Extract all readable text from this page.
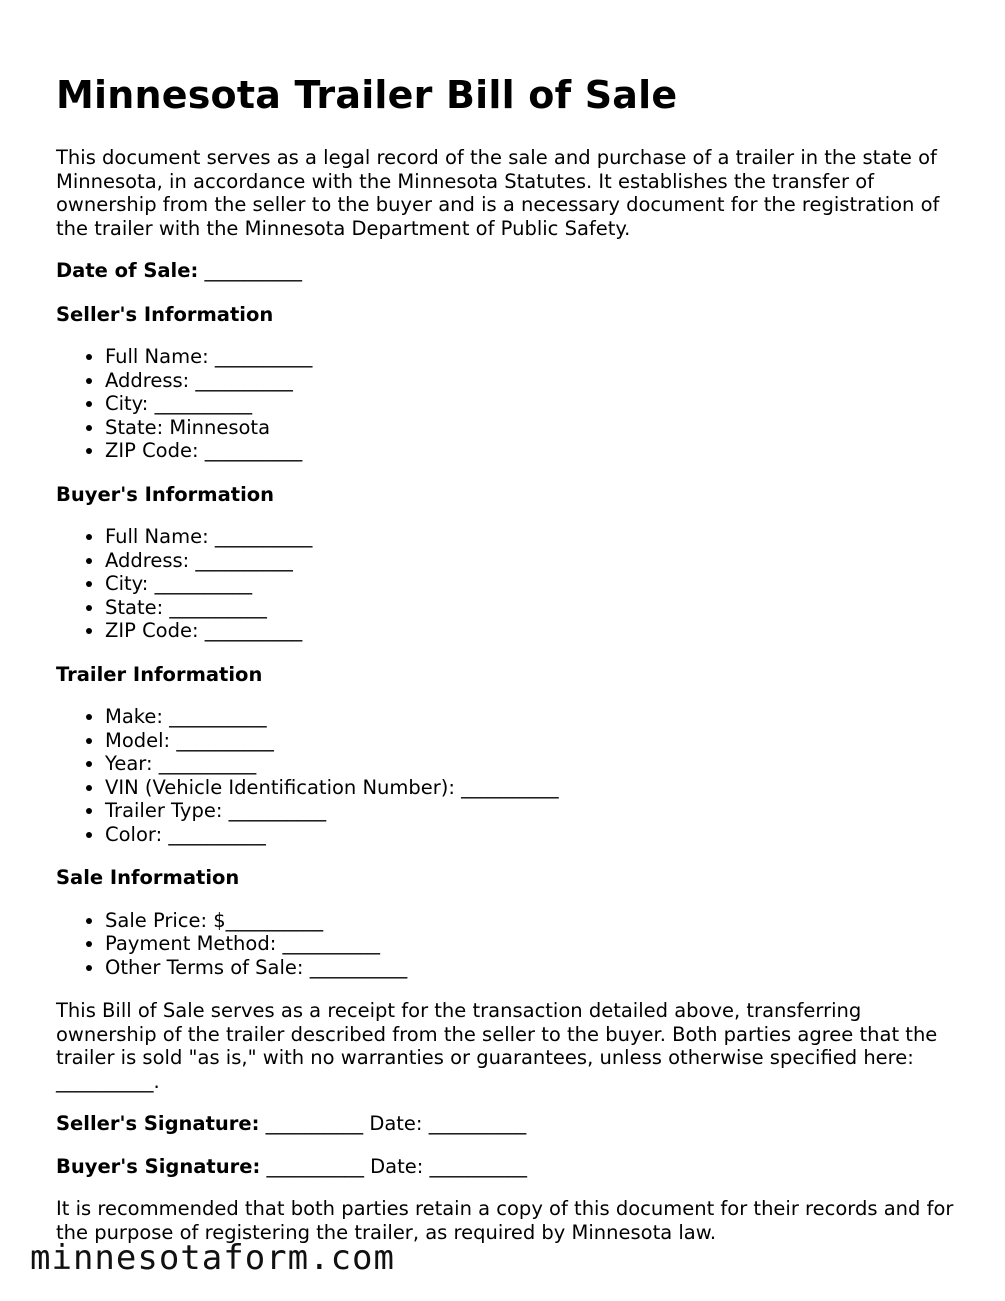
Minnesota Trailer Bill of Sale

This document serves as a legal record of the sale and purchase of a trailer in the state of Minnesota, in accordance with the Minnesota Statutes. It establishes the transfer of ownership from the seller to the buyer and is a necessary document for the registration of the trailer with the Minnesota Department of Public Safety.

Date of Sale: __________

Seller's Information
• Full Name: __________
• Address: __________
• City: __________
• State: Minnesota
• ZIP Code: __________
Buyer's Information
• Full Name: __________
• Address: __________
• City: __________
• State: __________
• ZIP Code: __________
Trailer Information
• Make: __________
• Model: __________
• Year: __________
• VIN (Vehicle Identification Number): __________
• Trailer Type: __________
• Color: __________
Sale Information
• Sale Price: $__________
• Payment Method: __________
• Other Terms of Sale: __________

This Bill of Sale serves as a receipt for the transaction detailed above, transferring ownership of the trailer described from the seller to the buyer. Both parties agree that the trailer is sold "as is," with no warranties or guarantees, unless otherwise specified here: __________.

Seller's Signature: __________ Date: __________

Buyer's Signature: __________ Date: __________

It is recommended that both parties retain a copy of this document for their records and for the purpose of registering the trailer, as required by Minnesota law.

minnesotaform.com
